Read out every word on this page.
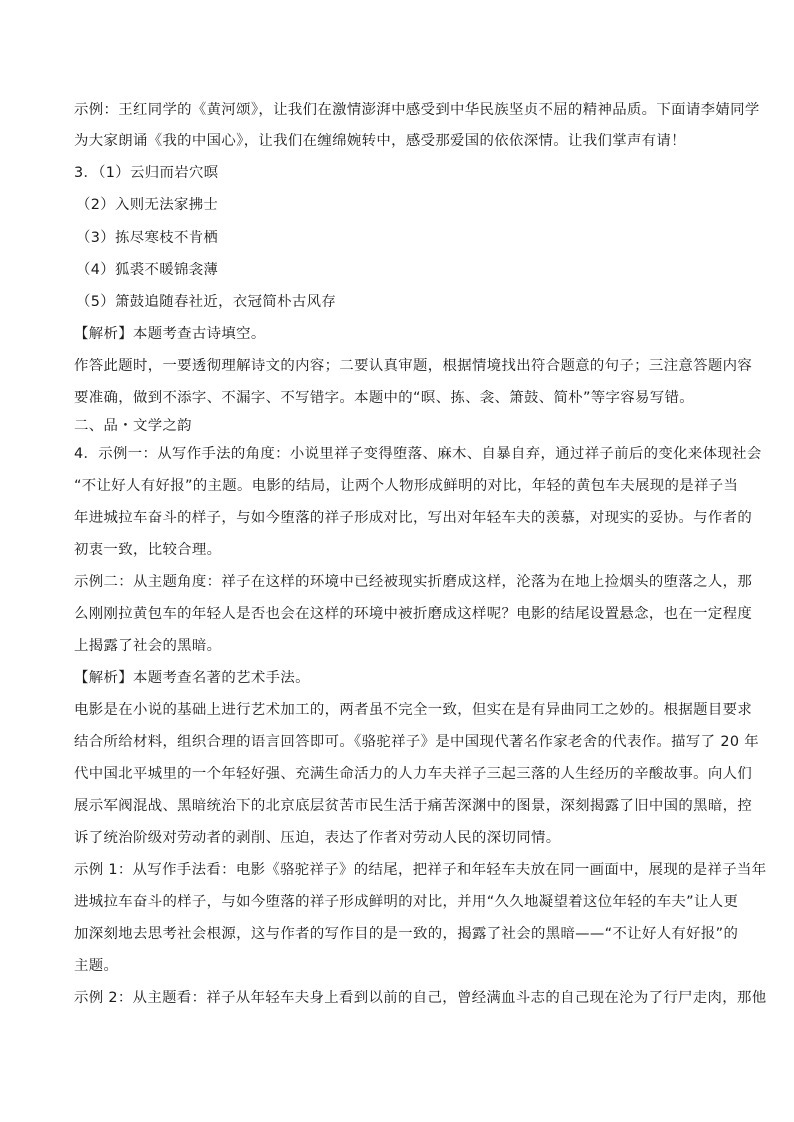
示例：王红同学的《黄河颂》，让我们在激情澎湃中感受到中华民族坚贞不屈的精神品质。下面请李婧同学
为大家朗诵《我的中国心》，让我们在缠绵婉转中，感受那爱国的依依深情。让我们掌声有请！
3．（1）云归而岩穴暝
（2）入则无法家拂士
（3）拣尽寒枝不肯栖
（4）狐裘不暖锦衾薄
（5）箫鼓追随春社近，衣冠简朴古风存
【解析】本题考查古诗填空。
作答此题时，一要透彻理解诗文的内容；二要认真审题，根据情境找出符合题意的句子；三注意答题内容
要准确，做到不添字、不漏字、不写错字。本题中的“暝、拣、衾、箫鼓、简朴”等字容易写错。
二、品・文学之韵
4．示例一：从写作手法的角度：小说里祥子变得堕落、麻木、自暴自弃，通过祥子前后的变化来体现社会
“不让好人有好报”的主题。电影的结局，让两个人物形成鲜明的对比，年轻的黄包车夫展现的是祥子当
年进城拉车奋斗的样子，与如今堕落的祥子形成对比，写出对年轻车夫的羡慕，对现实的妥协。与作者的
初衷一致，比较合理。
示例二：从主题角度：祥子在这样的环境中已经被现实折磨成这样，沦落为在地上捡烟头的堕落之人，那
么刚刚拉黄包车的年轻人是否也会在这样的环境中被折磨成这样呢？电影的结尾设置悬念，也在一定程度
上揭露了社会的黑暗。
【解析】本题考查名著的艺术手法。
电影是在小说的基础上进行艺术加工的，两者虽不完全一致，但实在是有异曲同工之妙的。根据题目要求
结合所给材料，组织合理的语言回答即可。《骆驼祥子》是中国现代著名作家老舍的代表作。描写了 20 年
代中国北平城里的一个年轻好强、充满生命活力的人力车夫祥子三起三落的人生经历的辛酸故事。向人们
展示军阀混战、黑暗统治下的北京底层贫苦市民生活于痛苦深渊中的图景，深刻揭露了旧中国的黑暗，控
诉了统治阶级对劳动者的剥削、压迫，表达了作者对劳动人民的深切同情。
示例 1：从写作手法看：电影《骆驼祥子》的结尾，把祥子和年轻车夫放在同一画面中，展现的是祥子当年
进城拉车奋斗的样子，与如今堕落的祥子形成鲜明的对比，并用“久久地凝望着这位年轻的车夫”让人更
加深刻地去思考社会根源，这与作者的写作目的是一致的，揭露了社会的黑暗——“不让好人有好报”的
主题。
示例 2：从主题看：祥子从年轻车夫身上看到以前的自己，曾经满血斗志的自己现在沦为了行尸走肉，那他
